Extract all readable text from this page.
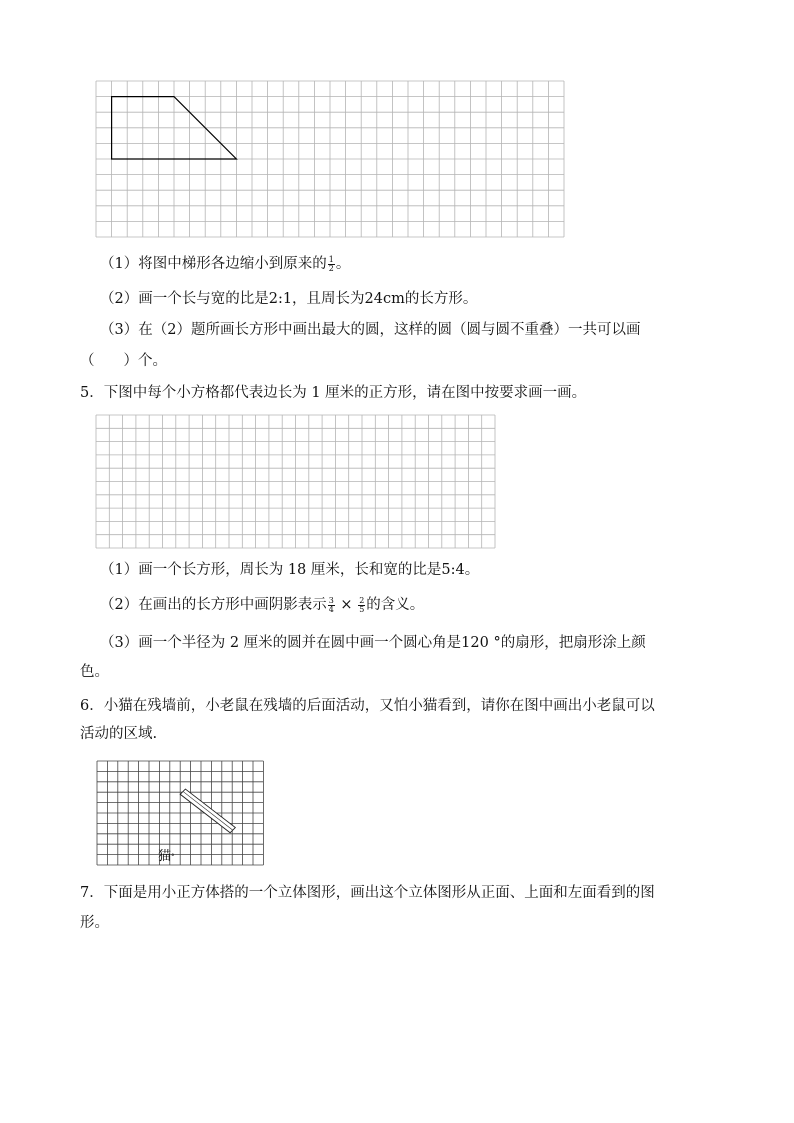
（1）将图中梯形各边缩小到原来的 $\frac{1}{2}$ 。
（2）画一个长与宽的比是2:1，且周长为24cm的长方形。
（3）在（2）题所画长方形中画出最大的圆，这样的圆（圆与圆不重叠）一共可以画
（　　）个。
5．下图中每个小方格都代表边长为 1 厘米的正方形，请在图中按要求画一画。
（1）画一个长方形，周长为 18 厘米，长和宽的比是5:4。
（2）在画出的长方形中画阴影表示 $\frac{3}{4} \times \frac{2}{5}$ 的含义。
（3）画一个半径为 2 厘米的圆并在圆中画一个圆心角是120 °的扇形，把扇形涂上颜
色。
6．小猫在残墙前，小老鼠在残墙的后面活动，又怕小猫看到，请你在图中画出小老鼠可以
活动的区域.
猫°
7．下面是用小正方体搭的一个立体图形，画出这个立体图形从正面、上面和左面看到的图
形。
